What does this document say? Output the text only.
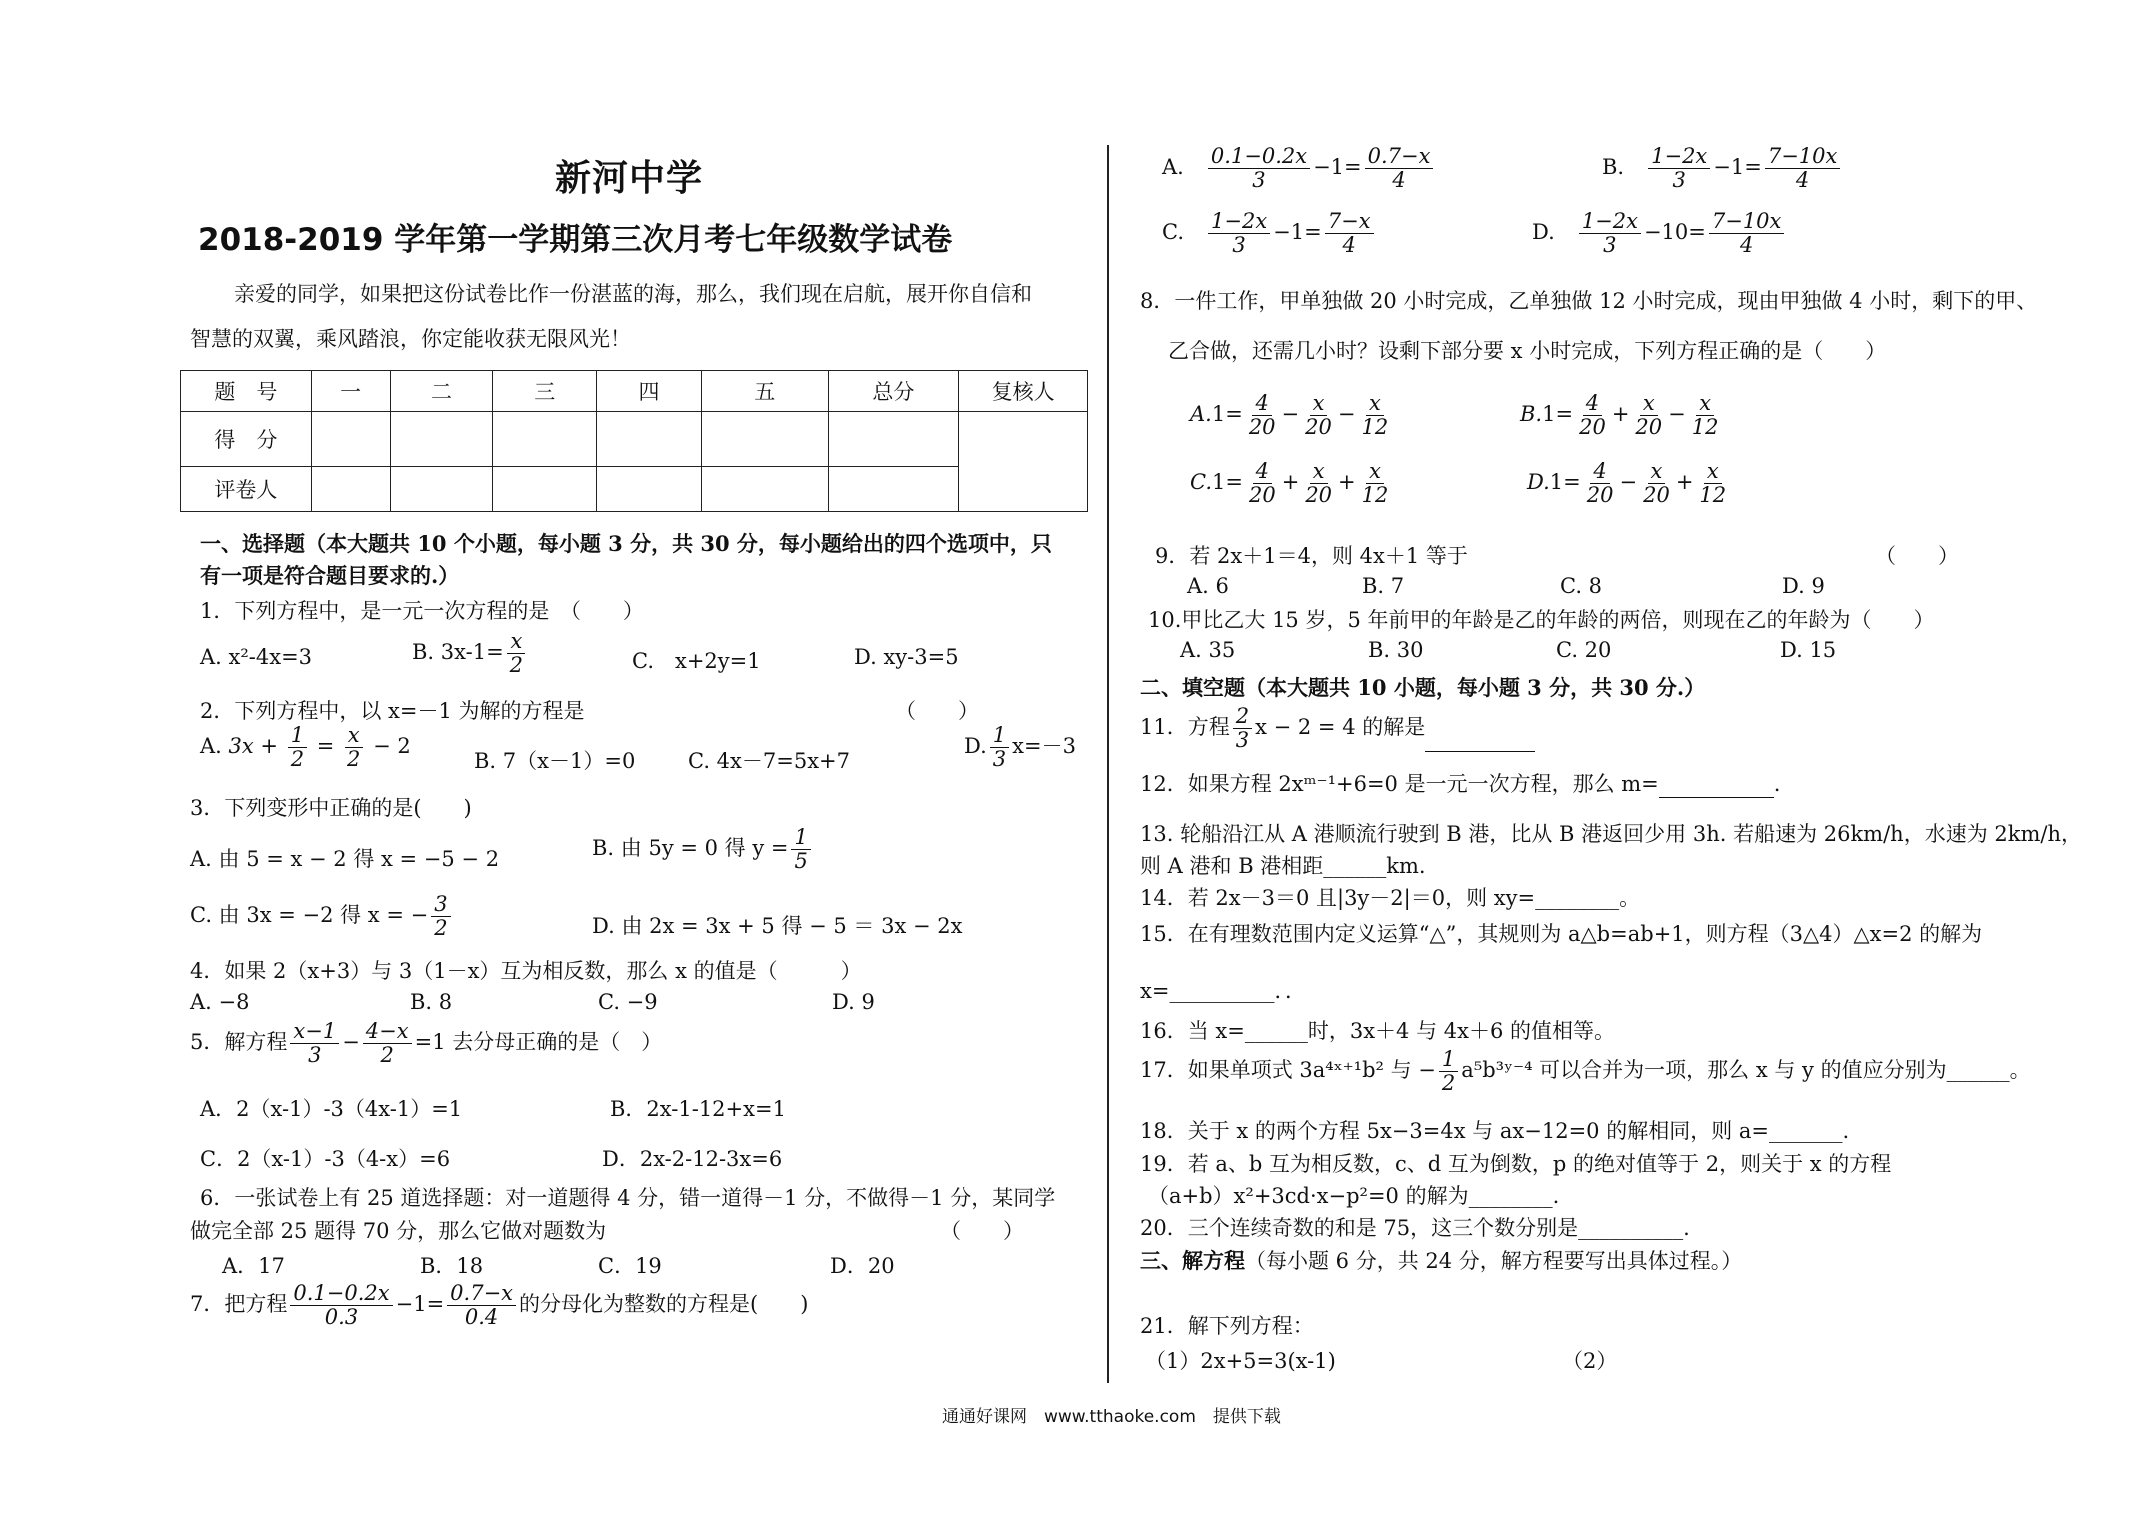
新河中学
2018-2019 学年第一学期第三次月考七年级数学试卷
亲爱的同学，如果把这份试卷比作一份湛蓝的海，那么，我们现在启航，展开你自信和
智慧的双翼，乘风踏浪，你定能收获无限风光！
题　号	一	二	三	四	五	总分	复核人
得　分							
评卷人							
一、选择题（本大题共 10 个小题，每小题 3 分，共 30 分，每小题给出的四个选项中，只
有一项是符合题目要求的.）
1．下列方程中，是一元一次方程的是　（　　）
A. x²-4x=3	B. $3x-1= \frac{x}{2}$	C.　x+2y=1	D. xy-3=5
2．下列方程中，以 x=－1 为解的方程是	（　　）
A. $3x + \frac{1}{2} = \frac{x}{2} - 2$
B. 7（x－1）=0	C. 4x－7=5x+7
D. $\frac{1}{3} x=-3$
3．下列变形中正确的是(　　)
A. 由 5 = x − 2 得 x = −5 − 2	B. 由 5y = 0 得 $y = \frac{1}{5}$
C. 由 3x = −2 得 x = − $\frac{3}{2}$	D. 由 2x = 3x + 5 得 − 5 ＝ 3x − 2x
4．如果 2（x+3）与 3（1－x）互为相反数，那么 x 的值是（　　　）
A. −8	B. 8	C. −9	D. 9
5．解方程 $\frac{x-1}{3} - \frac{4-x}{2} =1$ 去分母正确的是（　）
A．2（x-1）-3（4x-1）=1	B．2x-1-12+x=1
C．2（x-1）-3（4-x）=6	D．2x-2-12-3x=6
6．一张试卷上有 25 道选择题：对一道题得 4 分，错一道得－1 分，不做得－1 分，某同学
做完全部 25 题得 70 分，那么它做对题数为	（　　）
A．17	B．18	C．19	D．20
7．把方程 $\frac{0.1-0.2x}{0.3} -1= \frac{0.7-x}{0.4}$ 的分母化为整数的方程是(　　)
A.　 $\frac{0.1-0.2x}{3} -1= \frac{0.7-x}{4}$	B.　 $\frac{1-2x}{3} -1= \frac{7-10x}{4}$
C.　 $\frac{1-2x}{3} -1= \frac{7-x}{4}$	D.　 $\frac{1-2x}{3} -10= \frac{7-10x}{4}$
8．一件工作，甲单独做 20 小时完成，乙单独做 12 小时完成，现由甲独做 4 小时，剩下的甲、
乙合做，还需几小时？设剩下部分要 x 小时完成，下列方程正确的是（　　）
$A.1= \frac{4}{20} - \frac{x}{20} - \frac{x}{12}$	$B.1= \frac{4}{20} + \frac{x}{20} - \frac{x}{12}$
$C.1= \frac{4}{20} + \frac{x}{20} + \frac{x}{12}$	$D.1= \frac{4}{20} - \frac{x}{20} + \frac{x}{12}$
9．若 2x＋1＝4，则 4x＋1 等于	（　　）
A. 6	B. 7	C. 8	D. 9
10.甲比乙大 15 岁，5 年前甲的年龄是乙的年龄的两倍，则现在乙的年龄为（　　）
A. 35	B. 30	C. 20	D. 15
二、填空题（本大题共 10 小题，每小题 3 分，共 30 分.）
11．方程 $\frac{2}{3}$ x − 2 = 4 的解是
12．如果方程 2xᵐ⁻¹+6=0 是一元一次方程，那么 m=	.
13. 轮船沿江从 A 港顺流行驶到 B 港，比从 B 港返回少用 3h. 若船速为 26km/h，水速为 2km/h，
则 A 港和 B 港相距______km.
14．若 2x－3＝0 且|3y－2|＝0，则 xy=________。
15．在有理数范围内定义运算“△”，其规则为 a△b=ab+1，则方程（3△4）△x=2 的解为
x=__________．．
16．当 x=______时，3x＋4 与 4x＋6 的值相等。
17．如果单项式 3a⁴ˣ⁺¹b² 与 − $\frac{1}{2}$ a⁵b³ʸ⁻⁴ 可以合并为一项，那么 x 与 y 的值应分别为______。
18．关于 x 的两个方程 5x−3=4x 与 ax−12=0 的解相同，则 a=_______.
19．若 a、b 互为相反数，c、d 互为倒数，p 的绝对值等于 2，则关于 x 的方程
（a+b）x²+3cd·x−p²=0 的解为________.
20．三个连续奇数的和是 75，这三个数分别是__________.
三、解方程（每小题 6 分，共 24 分，解方程要写出具体过程。）
21．解下列方程：
（1）2x+5=3(x-1)	（2）
通通好课网　www.tthaoke.com　提供下载
